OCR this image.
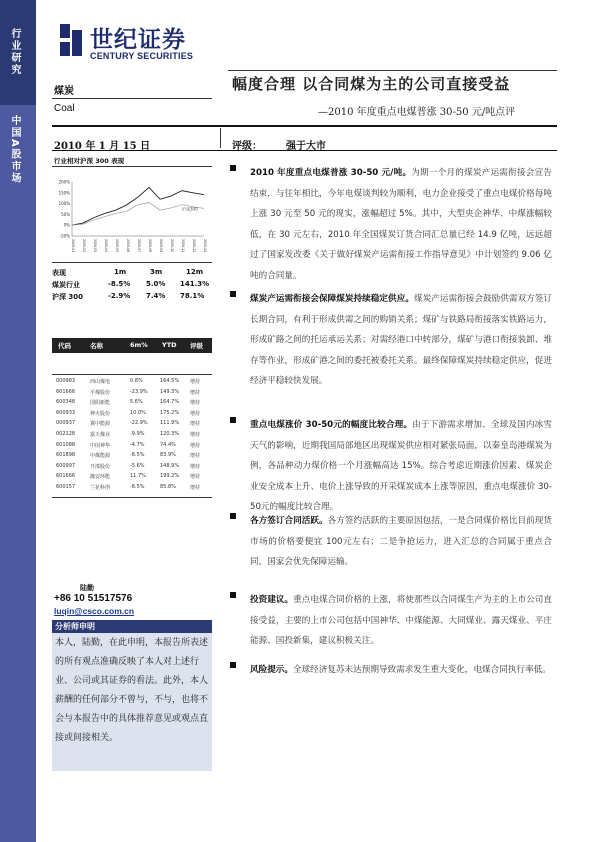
行业研究
中国A股市场
世纪证券
CENTURY SECURITIES
煤炭
Coal
幅度合理 以合同煤为主的公司直接受益
—2010 年度重点电煤普涨 30-50 元/吨点评
2010 年 1 月 15 日	评级： 强于大市
行业相对沪深 300 表现
200%
150%
100%
50%
0%
-50%
2009-01 2009-02 2009-03 2009-04 2009-05 2009-06 2009-07 2009-08 2009-09 2009-10 2009-11 2009-12 2010-01
沪深300
表现	1m	3m	12m
煤炭行业	-8.5% 5.0% 141.3%
沪深 300	-2.9% 7.4% 78.1%
代码	名称	6m% YTD 评级
000983	西山煤电	0.8%	164.5% 增持
601666	平煤股份	-23.9% 149.3% 增持
600348	国阳新能	5.6%	164.7% 增持
600933	神火股份	10.0%	175.2% 增持
000937	冀中能源	-22.9% 111.9% 增持
002128	露天煤业	-9.9%	120.3% 增持
601088	中国神华	-4.7%	74.4%	增持
601898	中煤能源	-8.5%	83.9%	增持
600997	开滦股份	-5.6%	148.9% 增持
601666	潞安环能	11.7%	199.2% 增持
600157	兰花科创	-8.5%	85.8%	增持
陆勤
+86 10 51517576
luqin@csco.com.cn
分析师申明
本人，陆勤，在此申明，本报告所表述的所有观点准确反映了本人对上述行业、公司或其证券的看法。此外，本人薪酬的任何部分不曾与，不与，也将不会与本报告中的具体推荐意见或观点直接或间接相关。
2010 年度重点电煤普涨 30-50 元/吨。为期一个月的煤炭产运需衔接会宣告结束，与往年相比，今年电煤谈判较为顺利，电力企业接受了重点电煤价格每吨上涨 30 元至 50 元的现实，涨幅超过 5%。其中，大型央企神华、中煤涨幅较低，在 30 元左右，2010 年全国煤炭订货合同汇总量已经 14.9 亿吨，远远超过了国家发改委《关于做好煤炭产运需衔接工作指导意见》中计划签约 9.06 亿吨的合同量。
煤炭产运需衔接会保障煤炭持续稳定供应。煤炭产运需衔接会鼓励供需双方签订长期合同，有利于形成供需之间的购销关系；煤矿与铁路局衔接落实铁路运力，形成矿路之间的托运承运关系；对需经港口中转部分，煤矿与港口衔接装卸、堆存等作业，形成矿港之间的委托被委托关系。最终保障煤炭持续稳定供应，促进经济平稳较快发展。
重点电煤涨价 30-50元的幅度比较合理。由于下游需求增加、全球及国内冰雪天气的影响，近期我国局部地区出现煤炭供应相对紧张局面，以秦皇岛港煤炭为例，各品种动力煤价格一个月涨幅高达 15%。综合考虑近期涨价因素、煤炭企业安全成本上升、电价上涨导致的开采煤炭成本上涨等原因，重点电煤涨价 30-50元的幅度比较合理。
各方签订合同活跃。各方签约活跃的主要原因包括，一是合同煤价格比目前现货市场的价格要便宜 100元左右；二是争抢运力，进入汇总的合同属于重点合同，国家会优先保障运输。
投资建议。重点电煤合同价格的上涨，将使那些以合同煤生产为主的上市公司直接受益，主要的上市公司包括中国神华、中煤能源、大同煤业、露天煤业、平庄能源、国投新集，建议积极关注。
风险提示。全球经济复苏未达预期导致需求发生重大变化，电煤合同执行率低。
